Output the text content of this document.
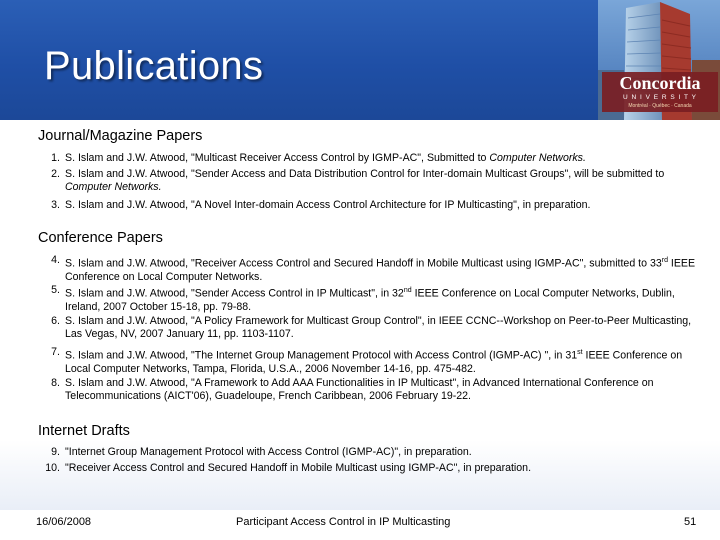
Publications	Concordia
U N I V E R S I T Y
Montréal · Québec · Canada
Journal/Magazine Papers
1. S. Islam and J.W. Atwood, "Multicast Receiver Access Control by IGMP-AC", Submitted to Computer Networks.
2. S. Islam and J.W. Atwood, "Sender Access and Data Distribution Control for Inter-domain Multicast Groups", will be submitted to Computer Networks.
3. S. Islam and J.W. Atwood, "A Novel Inter-domain Access Control Architecture for IP Multicasting", in preparation.
Conference Papers
4. S. Islam and J.W. Atwood, "Receiver Access Control and Secured Handoff in Mobile Multicast using IGMP-AC", submitted to 33rd IEEE Conference on Local Computer Networks.
5. S. Islam and J.W. Atwood, "Sender Access Control in IP Multicast", in 32nd IEEE Conference on Local Computer Networks, Dublin, Ireland, 2007 October 15-18, pp. 79-88.
6. S. Islam and J.W. Atwood, "A Policy Framework for Multicast Group Control", in IEEE CCNC--Workshop on Peer-to-Peer Multicasting, Las Vegas, NV, 2007 January 11, pp. 1103-1107.
7. S. Islam and J.W. Atwood, "The Internet Group Management Protocol with Access Control (IGMP-AC) ", in 31st IEEE Conference on Local Computer Networks, Tampa, Florida, U.S.A., 2006 November 14-16, pp. 475-482.
8. S. Islam and J.W. Atwood, "A Framework to Add AAA Functionalities in IP Multicast", in Advanced International Conference on Telecommunications (AICT'06), Guadeloupe, French Caribbean, 2006 February 19-22.
Internet Drafts
9. "Internet Group Management Protocol with Access Control (IGMP-AC)", in preparation.
10. "Receiver Access Control and Secured Handoff in Mobile Multicast using IGMP-AC", in preparation.
16/06/2008	Participant Access Control in IP Multicasting	51
